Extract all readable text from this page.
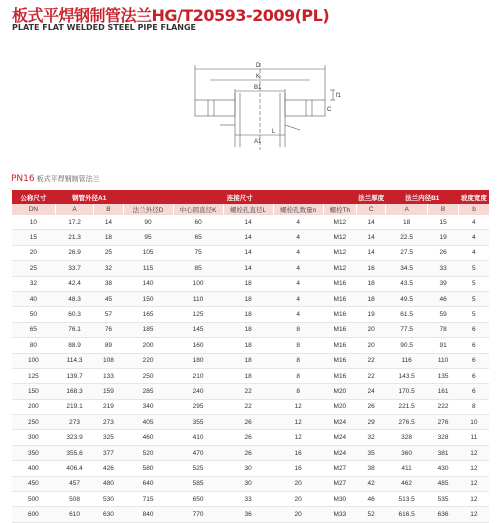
板式平焊钢制管法兰HG/T20593-2009(PL)
PLATE FLAT WELDED STEEL PIPE FLANGE
D
K
B1
C
f1
A1
L
PN16 板式平焊钢制管法兰
公称尺寸	钢管外径A1		连接尺寸					法兰厚度	法兰内径B1		坡度宽度
DN	A	B	法兰外径D	中心圆直径K	螺栓孔直径L	螺栓孔数量n	螺栓Th	C	A	B	b
10	17.2	14	90	60	14	4	M12	14	18	15	4
15	21.3	18	95	65	14	4	M12	14	22.5	19	4
20	26.9	25	105	75	14	4	M12	14	27.5	26	4
25	33.7	32	115	85	14	4	M12	16	34.5	33	5
32	42.4	38	140	100	18	4	M16	18	43.5	39	5
40	48.3	45	150	110	18	4	M16	18	49.5	46	5
50	60.3	57	165	125	18	4	M16	19	61.5	59	5
65	76.1	76	185	145	18	8	M16	20	77.5	78	6
80	88.9	89	200	160	18	8	M16	20	90.5	91	6
100	114.3	108	220	180	18	8	M16	22	116	110	6
125	139.7	133	250	210	18	8	M16	22	143.5	135	6
150	168.3	159	285	240	22	8	M20	24	170.5	161	6
200	219.1	219	340	295	22	12	M20	26	221.5	222	8
250	273	273	405	355	26	12	M24	29	276.5	276	10
300	323.9	325	460	410	26	12	M24	32	328	328	11
350	355.6	377	520	470	26	16	M24	35	360	381	12
400	406.4	426	580	525	30	16	M27	38	411	430	12
450	457	480	640	585	30	20	M27	42	462	485	12
500	508	530	715	650	33	20	M30	46	513.5	535	12
600	610	630	840	770	36	20	M33	52	616.5	636	12
